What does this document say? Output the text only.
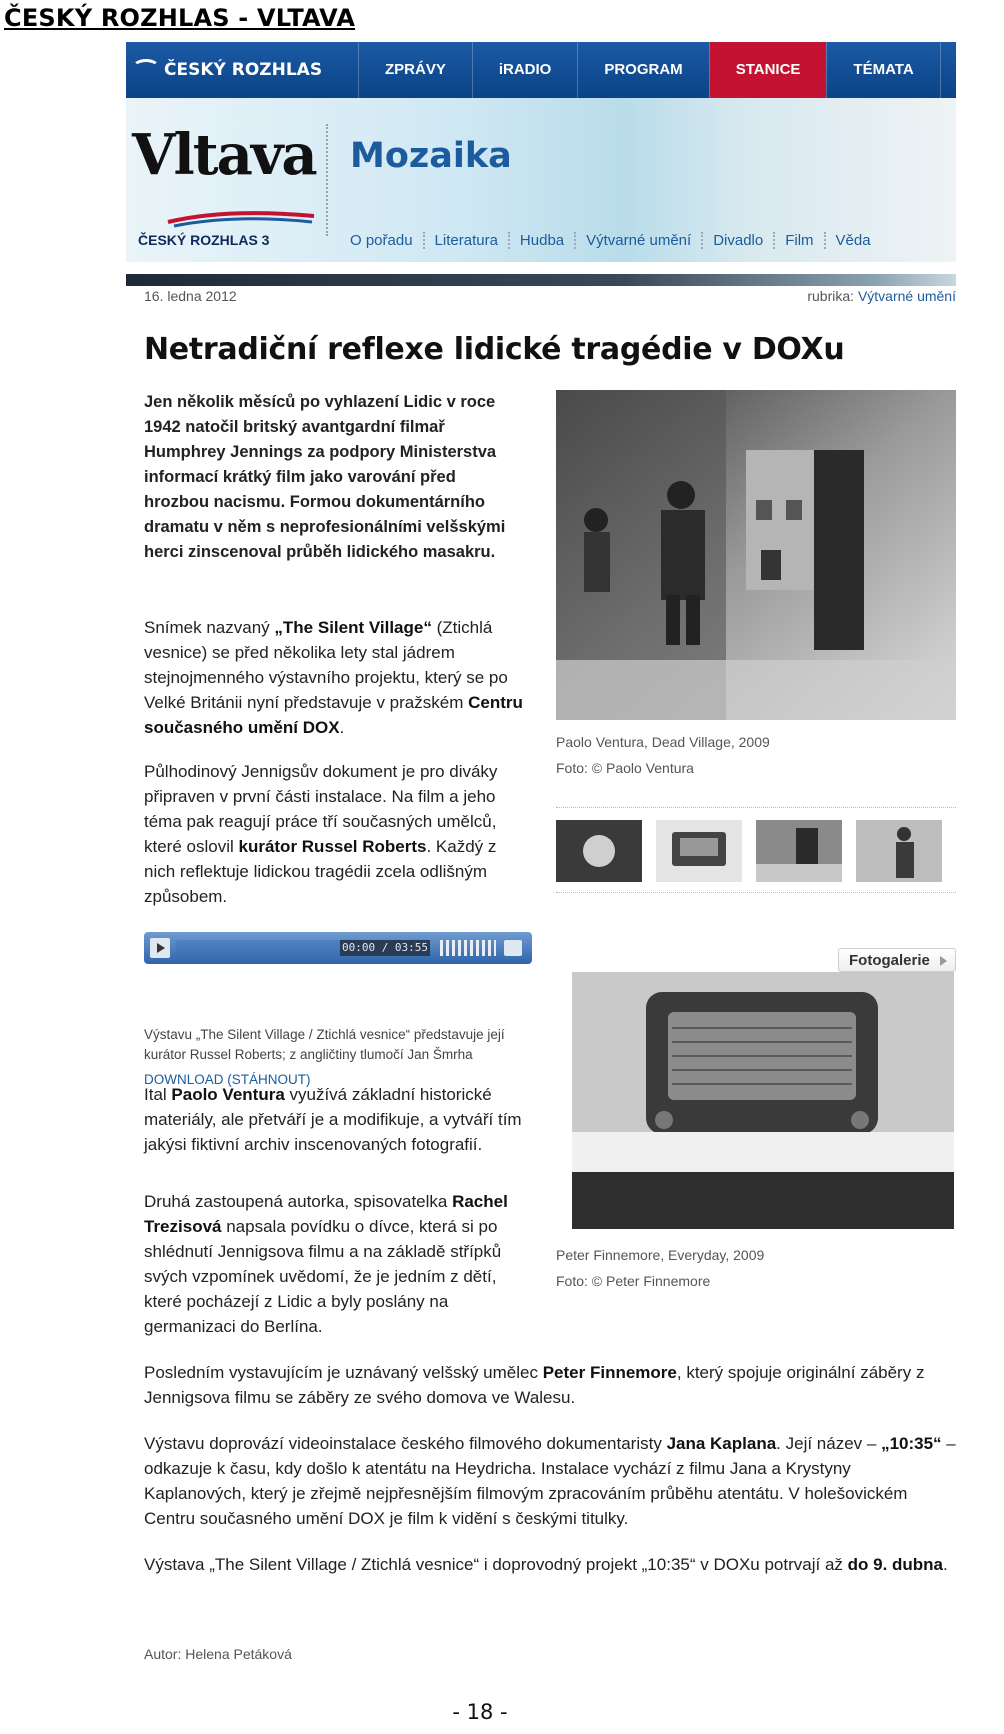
ČESKÝ ROZHLAS - VLTAVA
ČESKÝ ROZHLAS	ZPRÁVY	iRADIO	PROGRAM	STANICE	TÉMATA	O
Vltava
ČESKÝ ROZHLAS 3
Mozaika
O pořadu	Literatura	Hudba	Výtvarné umění	Divadlo	Film	Věda
16. ledna 2012	rubrika: Výtvarné umění
Netradiční reflexe lidické tragédie v DOXu

Jen několik měsíců po vyhlazení Lidic v roce 1942 natočil britský avantgardní filmař Humphrey Jennings za podpory Ministerstva informací krátký film jako varování před hrozbou nacismu. Formou dokumentárního dramatu v něm s neprofesionálními velšskými herci zinscenoval průběh lidického masakru.

Snímek nazvaný „The Silent Village“ (Ztichlá vesnice) se před několika lety stal jádrem stejnojmenného výstavního projektu, který se po Velké Británii nyní představuje v pražském Centru současného umění DOX.

Půlhodinový Jennigsův dokument je pro diváky připraven v první části instalace. Na film a jeho téma pak reagují práce tří současných umělců, které oslovil kurátor Russel Roberts. Každý z nich reflektuje lidickou tragédii zcela odlišným způsobem.

00:00 / 03:55
Výstavu „The Silent Village / Ztichlá vesnice“ představuje její kurátor Russel Roberts; z angličtiny tlumočí Jan Šmrha
DOWNLOAD (STÁHNOUT)

Ital Paolo Ventura využívá základní historické materiály, ale přetváří je a modifikuje, a vytváří tím jakýsi fiktivní archiv inscenovaných fotografií.

Druhá zastoupená autorka, spisovatelka Rachel Trezisová napsala povídku o dívce, která si po shlédnutí Jennigsova filmu a na základě střípků svých vzpomínek uvědomí, že je jedním z dětí, které pocházejí z Lidic a byly poslány na germanizaci do Berlína.

Paolo Ventura, Dead Village, 2009
Foto: © Paolo Ventura
Fotogalerie
Peter Finnemore, Everyday, 2009
Foto: © Peter Finnemore

Posledním vystavujícím je uznávaný velšský umělec Peter Finnemore, který spojuje originální záběry z Jennigsova filmu se záběry ze svého domova ve Walesu.

Výstavu doprovází videoinstalace českého filmového dokumentaristy Jana Kaplana. Její název – „10:35“ – odkazuje k času, kdy došlo k atentátu na Heydricha. Instalace vychází z filmu Jana a Krystyny Kaplanových, který je zřejmě nejpřesnějším filmovým zpracováním průběhu atentátu. V holešovickém Centru současného umění DOX je film k vidění s českými titulky.

Výstava „The Silent Village / Ztichlá vesnice“ i doprovodný projekt „10:35“ v DOXu potrvají až do 9. dubna.

Autor: Helena Petáková
- 18 -
